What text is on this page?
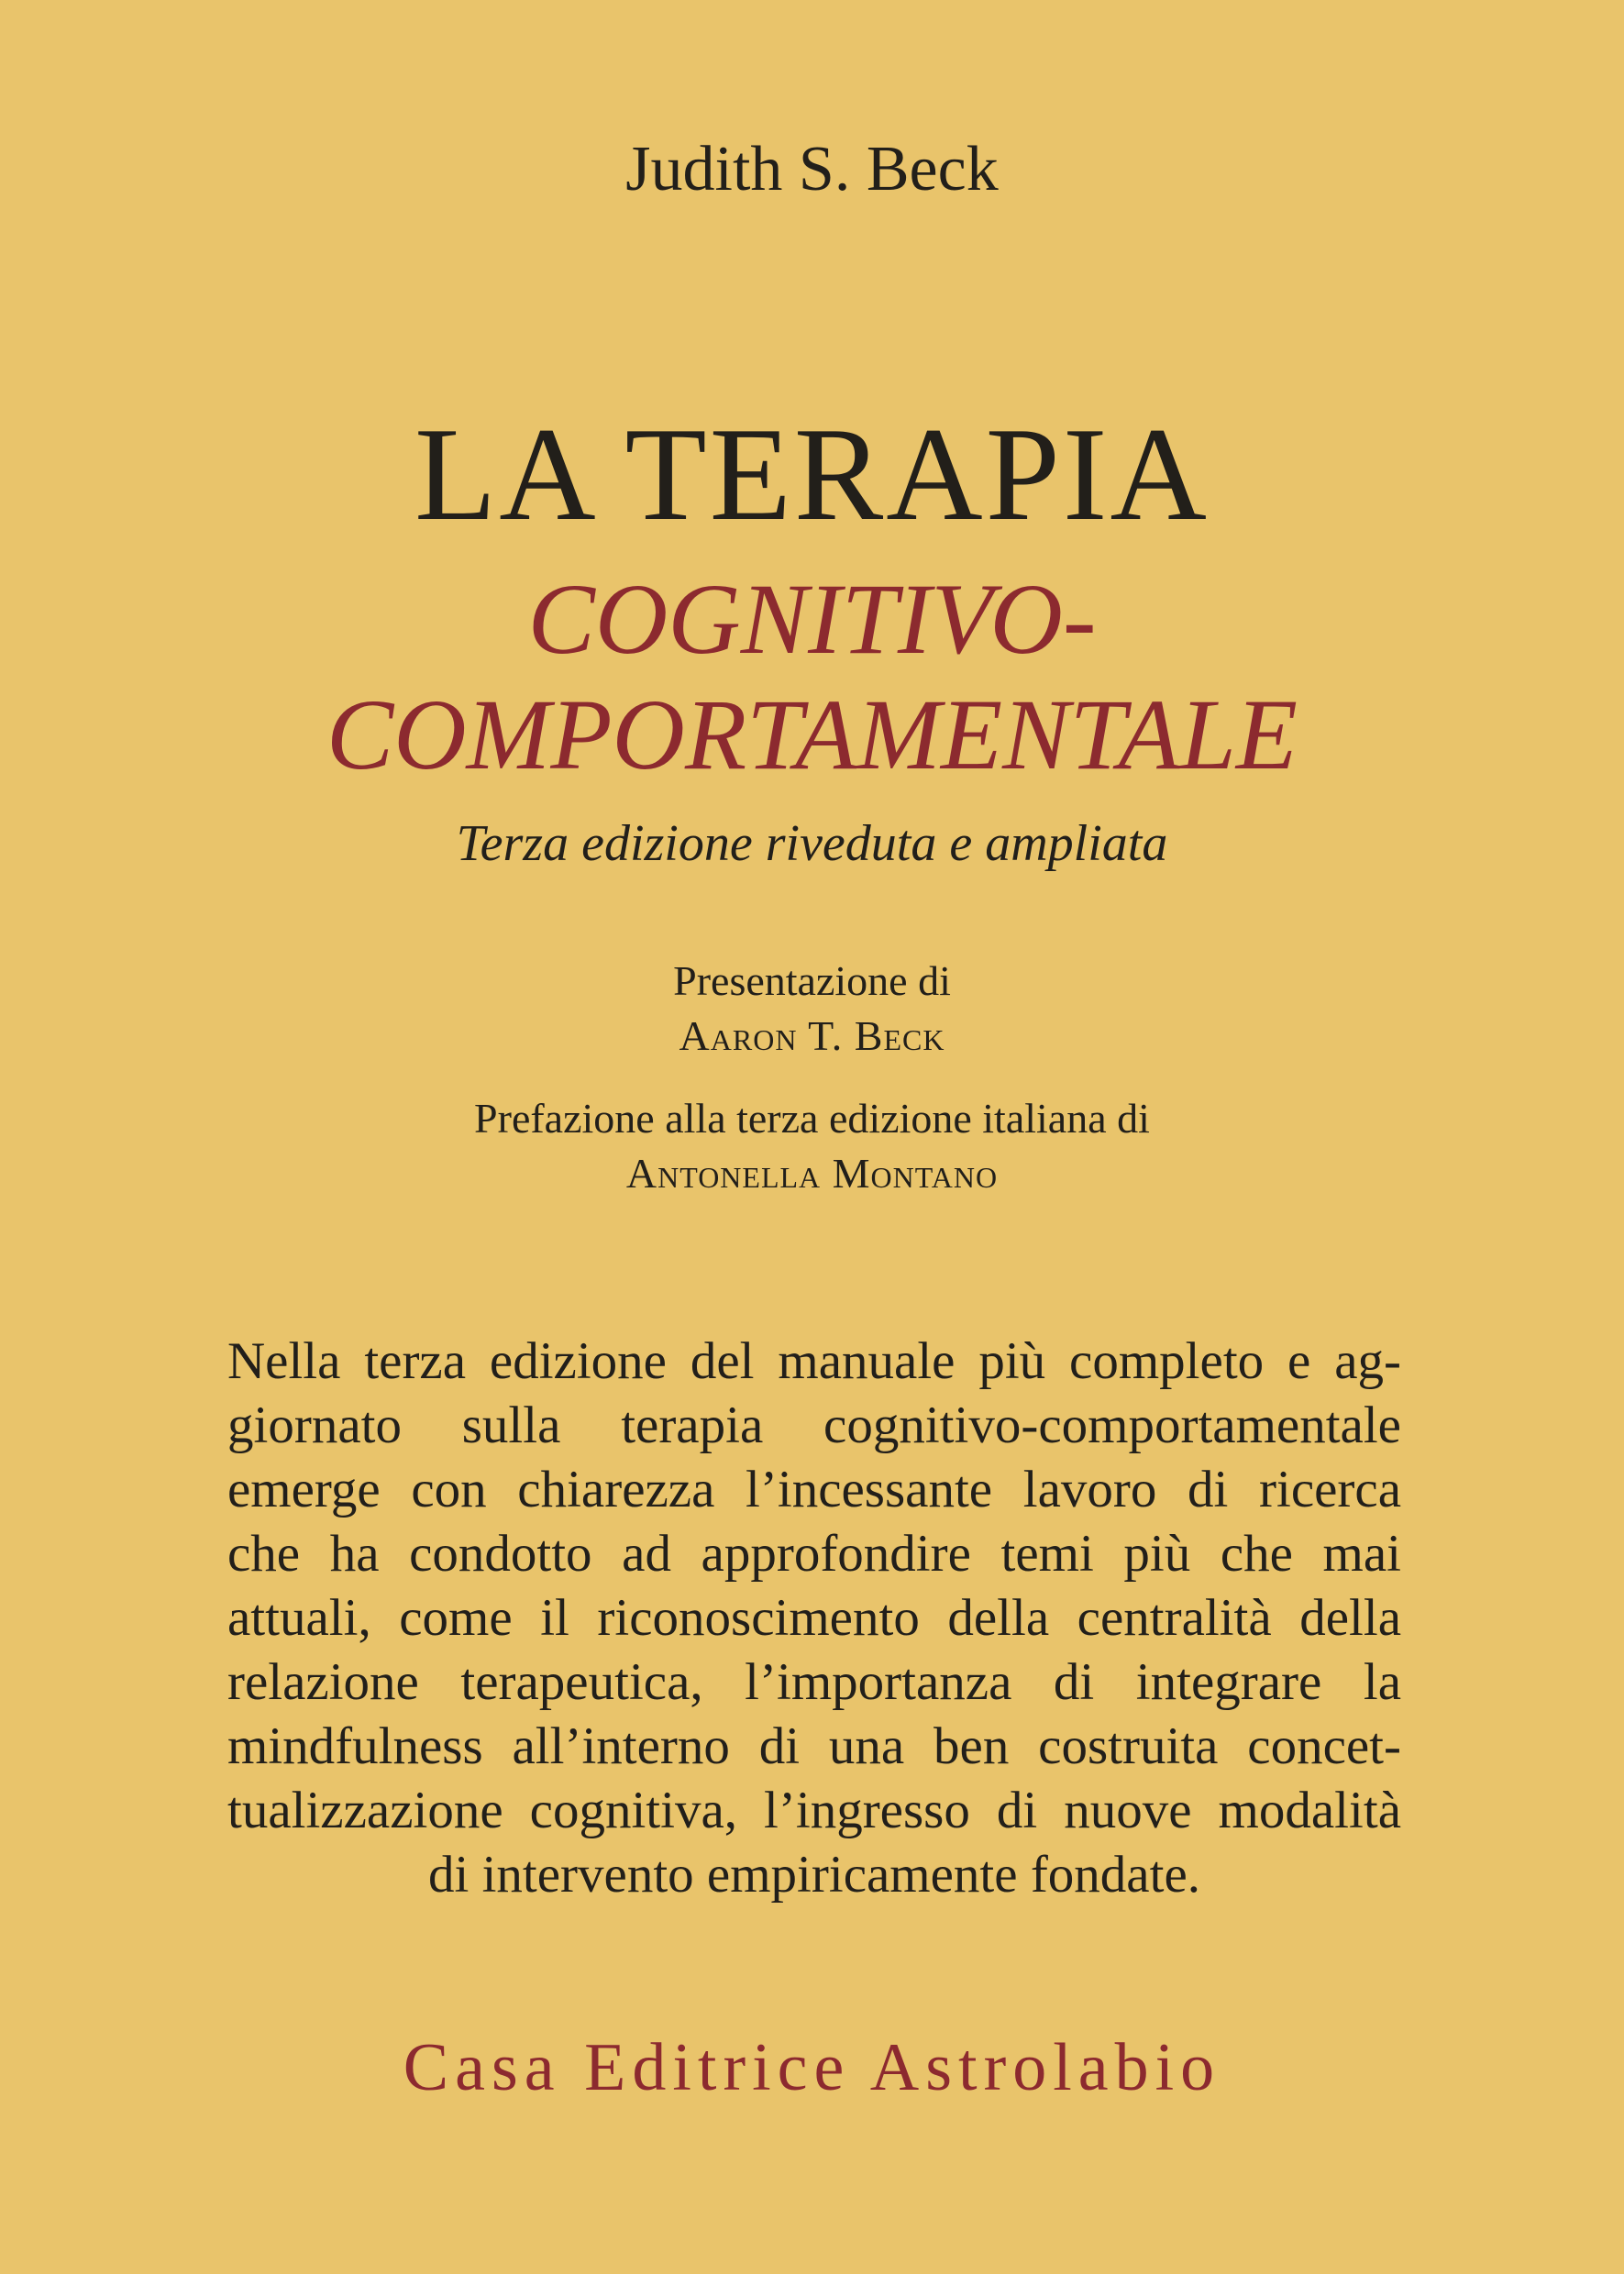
Judith S. Beck
LA TERAPIA
COGNITIVO-
COMPORTAMENTALE
Terza edizione riveduta e ampliata
Presentazione di
Aaron T. Beck
Prefazione alla terza edizione italiana di
Antonella Montano
Nella terza edizione del manuale più completo e ag-
giornato sulla terapia cognitivo-comportamentale
emerge con chiarezza l’incessante lavoro di ricerca
che ha condotto ad approfondire temi più che mai
attuali, come il riconoscimento della centralità della
relazione terapeutica, l’importanza di integrare la
mindfulness all’interno di una ben costruita concet-
tualizzazione cognitiva, l’ingresso di nuove modalità
di intervento empiricamente fondate.
Casa Editrice Astrolabio
